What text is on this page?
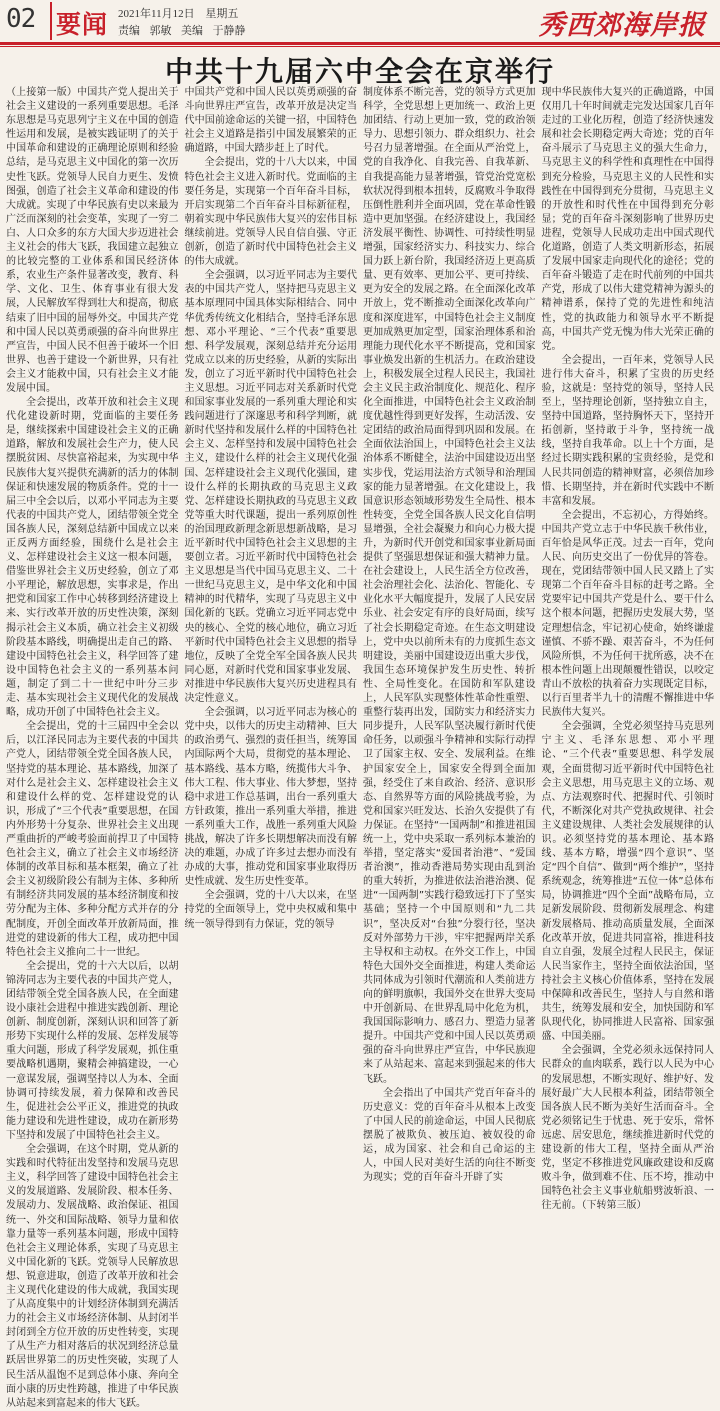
02 要闻 2021年11月12日 星期五
责编 郭敏 美编 于静静	秀西郊海岸报
中共十九届六中全会在京举行

（上接第一版）中国共产党人提出关于社会主义建设的一系列重要思想。毛泽东思想是马克思列宁主义在中国的创造性运用和发展，是被实践证明了的关于中国革命和建设的正确理论原则和经验总结，是马克思主义中国化的第一次历史性飞跃。党领导人民自力更生、发愤图强，创造了社会主义革命和建设的伟大成就。实现了中华民族有史以来最为广泛而深刻的社会变革，实现了一穷二白、人口众多的东方大国大步迈进社会主义社会的伟大飞跃，我国建立起独立的比较完整的工业体系和国民经济体系，农业生产条件显著改变，教育、科学、文化、卫生、体育事业有很大发展，人民解放军得到壮大和提高，彻底结束了旧中国的屈辱外交。中国共产党和中国人民以英勇顽强的奋斗向世界庄严宣告，中国人民不但善于破坏一个旧世界、也善于建设一个新世界，只有社会主义才能救中国，只有社会主义才能发展中国。

全会提出，改革开放和社会主义现代化建设新时期，党面临的主要任务是，继续探索中国建设社会主义的正确道路，解放和发展社会生产力，使人民摆脱贫困、尽快富裕起来，为实现中华民族伟大复兴提供充满新的活力的体制保证和快速发展的物质条件。党的十一届三中全会以后，以邓小平同志为主要代表的中国共产党人，团结带领全党全国各族人民，深刻总结新中国成立以来正反两方面经验，围绕什么是社会主义、怎样建设社会主义这一根本问题，借鉴世界社会主义历史经验，创立了邓小平理论，解放思想，实事求是，作出把党和国家工作中心转移到经济建设上来、实行改革开放的历史性决策，深刻揭示社会主义本质，确立社会主义初级阶段基本路线，明确提出走自己的路、建设中国特色社会主义，科学回答了建设中国特色社会主义的一系列基本问题，制定了到二十一世纪中叶分三步走、基本实现社会主义现代化的发展战略，成功开创了中国特色社会主义。

全会提出，党的十三届四中全会以后，以江泽民同志为主要代表的中国共产党人，团结带领全党全国各族人民，坚持党的基本理论、基本路线，加深了对什么是社会主义、怎样建设社会主义和建设什么样的党、怎样建设党的认识，形成了“三个代表”重要思想，在国内外形势十分复杂、世界社会主义出现严重曲折的严峻考验面前捍卫了中国特色社会主义，确立了社会主义市场经济体制的改革目标和基本框架，确立了社会主义初级阶段公有制为主体、多种所有制经济共同发展的基本经济制度和按劳分配为主体、多种分配方式并存的分配制度，开创全面改革开放新局面，推进党的建设新的伟大工程，成功把中国特色社会主义推向二十一世纪。

全会提出，党的十六大以后，以胡锦涛同志为主要代表的中国共产党人，团结带领全党全国各族人民，在全面建设小康社会进程中推进实践创新、理论创新、制度创新，深刻认识和回答了新形势下实现什么样的发展、怎样发展等重大问题，形成了科学发展观，抓住重要战略机遇期，聚精会神搞建设，一心一意谋发展，强调坚持以人为本、全面协调可持续发展，着力保障和改善民生，促进社会公平正义，推进党的执政能力建设和先进性建设，成功在新形势下坚持和发展了中国特色社会主义。

全会强调，在这个时期，党从新的实践和时代特征出发坚持和发展马克思主义，科学回答了建设中国特色社会主义的发展道路、发展阶段、根本任务、发展动力、发展战略、政治保证、祖国统一、外交和国际战略、领导力量和依靠力量等一系列基本问题，形成中国特色社会主义理论体系，实现了马克思主义中国化新的飞跃。党领导人民解放思想、锐意进取，创造了改革开放和社会主义现代化建设的伟大成就，我国实现了从高度集中的计划经济体制到充满活力的社会主义市场经济体制、从封闭半封闭到全方位开放的历史性转变，实现了从生产力相对落后的状况到经济总量跃居世界第二的历史性突破，实现了人民生活从温饱不足到总体小康、奔向全面小康的历史性跨越，推进了中华民族从站起来到富起来的伟大飞跃。

中国共产党和中国人民以英勇顽强的奋斗向世界庄严宣告，改革开放是决定当代中国前途命运的关键一招，中国特色社会主义道路是指引中国发展繁荣的正确道路，中国大踏步赶上了时代。

全会提出，党的十八大以来，中国特色社会主义进入新时代。党面临的主要任务是，实现第一个百年奋斗目标，开启实现第二个百年奋斗目标新征程，朝着实现中华民族伟大复兴的宏伟目标继续前进。党领导人民自信自强、守正创新，创造了新时代中国特色社会主义的伟大成就。

全会强调，以习近平同志为主要代表的中国共产党人，坚持把马克思主义基本原理同中国具体实际相结合、同中华优秀传统文化相结合，坚持毛泽东思想、邓小平理论、“三个代表”重要思想、科学发展观，深刻总结并充分运用党成立以来的历史经验，从新的实际出发，创立了习近平新时代中国特色社会主义思想。习近平同志对关系新时代党和国家事业发展的一系列重大理论和实践问题进行了深邃思考和科学判断，就新时代坚持和发展什么样的中国特色社会主义、怎样坚持和发展中国特色社会主义，建设什么样的社会主义现代化强国、怎样建设社会主义现代化强国，建设什么样的长期执政的马克思主义政党、怎样建设长期执政的马克思主义政党等重大时代课题，提出一系列原创性的治国理政新理念新思想新战略，是习近平新时代中国特色社会主义思想的主要创立者。习近平新时代中国特色社会主义思想是当代中国马克思主义、二十一世纪马克思主义，是中华文化和中国精神的时代精华，实现了马克思主义中国化新的飞跃。党确立习近平同志党中央的核心、全党的核心地位，确立习近平新时代中国特色社会主义思想的指导地位，反映了全党全军全国各族人民共同心愿，对新时代党和国家事业发展、对推进中华民族伟大复兴历史进程具有决定性意义。

全会强调，以习近平同志为核心的党中央，以伟大的历史主动精神、巨大的政治勇气、强烈的责任担当，统筹国内国际两个大局，贯彻党的基本理论、基本路线、基本方略，统揽伟大斗争、伟大工程、伟大事业、伟大梦想，坚持稳中求进工作总基调，出台一系列重大方针政策，推出一系列重大举措，推进一系列重大工作，战胜一系列重大风险挑战，解决了许多长期想解决而没有解决的难题，办成了许多过去想办而没有办成的大事，推动党和国家事业取得历史性成就、发生历史性变革。

全会强调，党的十八大以来，在坚持党的全面领导上，党中央权威和集中统一领导得到有力保证，党的领导

制度体系不断完善，党的领导方式更加科学，全党思想上更加统一、政治上更加团结、行动上更加一致，党的政治领导力、思想引领力、群众组织力、社会号召力显著增强。在全面从严治党上，党的自我净化、自我完善、自我革新、自我提高能力显著增强，管党治党宽松软状况得到根本扭转，反腐败斗争取得压倒性胜利并全面巩固，党在革命性锻造中更加坚强。在经济建设上，我国经济发展平衡性、协调性、可持续性明显增强，国家经济实力、科技实力、综合国力跃上新台阶，我国经济迈上更高质量、更有效率、更加公平、更可持续、更为安全的发展之路。在全面深化改革开放上，党不断推动全面深化改革向广度和深度进军，中国特色社会主义制度更加成熟更加定型，国家治理体系和治理能力现代化水平不断提高，党和国家事业焕发出新的生机活力。在政治建设上，积极发展全过程人民民主，我国社会主义民主政治制度化、规范化、程序化全面推进，中国特色社会主义政治制度优越性得到更好发挥，生动活泼、安定团结的政治局面得到巩固和发展。在全面依法治国上，中国特色社会主义法治体系不断健全，法治中国建设迈出坚实步伐，党运用法治方式领导和治理国家的能力显著增强。在文化建设上，我国意识形态领域形势发生全局性、根本性转变，全党全国各族人民文化自信明显增强，全社会凝聚力和向心力极大提升，为新时代开创党和国家事业新局面提供了坚强思想保证和强大精神力量。在社会建设上，人民生活全方位改善，社会治理社会化、法治化、智能化、专业化水平大幅度提升，发展了人民安居乐业、社会安定有序的良好局面，续写了社会长期稳定奇迹。在生态文明建设上，党中央以前所未有的力度抓生态文明建设，美丽中国建设迈出重大步伐，我国生态环境保护发生历史性、转折性、全局性变化。在国防和军队建设上，人民军队实现整体性革命性重塑、重整行装再出发，国防实力和经济实力同步提升，人民军队坚决履行新时代使命任务，以顽强斗争精神和实际行动捍卫了国家主权、安全、发展利益。在维护国家安全上，国家安全得到全面加强，经受住了来自政治、经济、意识形态、自然界等方面的风险挑战考验，为党和国家兴旺发达、长治久安提供了有力保证。在坚持“一国两制”和推进祖国统一上，党中央采取一系列标本兼治的举措，坚定落实“爱国者治港”、“爱国者治澳”，推动香港局势实现由乱到治的重大转折，为推进依法治港治澳、促进“一国两制”实践行稳致远打下了坚实基础；坚持一个中国原则和“九二共识”，坚决反对“台独”分裂行径，坚决反对外部势力干涉，牢牢把握两岸关系主导权和主动权。在外交工作上，中国特色大国外交全面推进，构建人类命运共同体成为引领时代潮流和人类前进方向的鲜明旗帜，我国外交在世界大变局中开创新局、在世界乱局中化危为机，我国国际影响力、感召力、塑造力显著提升。中国共产党和中国人民以英勇顽强的奋斗向世界庄严宣告，中华民族迎来了从站起来、富起来到强起来的伟大飞跃。

全会指出了中国共产党百年奋斗的历史意义：党的百年奋斗从根本上改变了中国人民的前途命运，中国人民彻底摆脱了被欺负、被压迫、被奴役的命运，成为国家、社会和自己命运的主人，中国人民对美好生活的向往不断变为现实；党的百年奋斗开辟了实

现中华民族伟大复兴的正确道路，中国仅用几十年时间就走完发达国家几百年走过的工业化历程，创造了经济快速发展和社会长期稳定两大奇迹；党的百年奋斗展示了马克思主义的强大生命力，马克思主义的科学性和真理性在中国得到充分检验，马克思主义的人民性和实践性在中国得到充分贯彻，马克思主义的开放性和时代性在中国得到充分彰显；党的百年奋斗深刻影响了世界历史进程，党领导人民成功走出中国式现代化道路，创造了人类文明新形态，拓展了发展中国家走向现代化的途径；党的百年奋斗锻造了走在时代前列的中国共产党，形成了以伟大建党精神为源头的精神谱系，保持了党的先进性和纯洁性，党的执政能力和领导水平不断提高，中国共产党无愧为伟大光荣正确的党。

全会提出，一百年来，党领导人民进行伟大奋斗，积累了宝贵的历史经验，这就是：坚持党的领导，坚持人民至上，坚持理论创新，坚持独立自主，坚持中国道路，坚持胸怀天下，坚持开拓创新，坚持敢于斗争，坚持统一战线，坚持自我革命。以上十个方面，是经过长期实践积累的宝贵经验，是党和人民共同创造的精神财富，必须倍加珍惜、长期坚持，并在新时代实践中不断丰富和发展。

全会提出，不忘初心，方得始终。中国共产党立志于中华民族千秋伟业，百年恰是风华正茂。过去一百年，党向人民、向历史交出了一份优异的答卷。现在，党团结带领中国人民又踏上了实现第二个百年奋斗目标的赶考之路。全党要牢记中国共产党是什么、要干什么这个根本问题，把握历史发展大势，坚定理想信念，牢记初心使命，始终谦虚谨慎、不骄不躁、艰苦奋斗，不为任何风险所惧，不为任何干扰所惑，决不在根本性问题上出现颠覆性错误，以咬定青山不放松的执着奋力实现既定目标，以行百里者半九十的清醒不懈推进中华民族伟大复兴。

全会强调，全党必须坚持马克思列宁主义、毛泽东思想、邓小平理论、“三个代表”重要思想、科学发展观，全面贯彻习近平新时代中国特色社会主义思想，用马克思主义的立场、观点、方法观察时代、把握时代、引领时代，不断深化对共产党执政规律、社会主义建设规律、人类社会发展规律的认识。必须坚持党的基本理论、基本路线、基本方略，增强“四个意识”、坚定“四个自信”、做到“两个维护”，坚持系统观念，统筹推进“五位一体”总体布局，协调推进“四个全面”战略布局，立足新发展阶段、贯彻新发展理念、构建新发展格局、推动高质量发展，全面深化改革开放，促进共同富裕，推进科技自立自强，发展全过程人民民主，保证人民当家作主，坚持全面依法治国，坚持社会主义核心价值体系，坚持在发展中保障和改善民生，坚持人与自然和谐共生，统筹发展和安全，加快国防和军队现代化，协同推进人民富裕、国家强盛、中国美丽。

全会强调，全党必须永远保持同人民群众的血肉联系，践行以人民为中心的发展思想，不断实现好、维护好、发展好最广大人民根本利益，团结带领全国各族人民不断为美好生活而奋斗。全党必须铭记生于忧患、死于安乐，常怀远虑、居安思危，继续推进新时代党的建设新的伟大工程，坚持全面从严治党，坚定不移推进党风廉政建设和反腐败斗争，做到难不住、压不垮，推动中国特色社会主义事业航船劈波斩浪、一往无前。（下转第三版）
